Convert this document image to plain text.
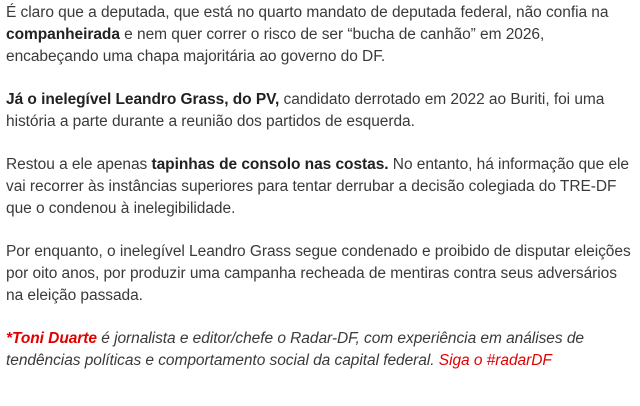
É claro que a deputada, que está no quarto mandato de deputada federal, não confia na companheirada e nem quer correr o risco de ser “bucha de canhão” em 2026, encabeçando uma chapa majoritária ao governo do DF.

Já o inelegível Leandro Grass, do PV, candidato derrotado em 2022 ao Buriti, foi uma história a parte durante a reunião dos partidos de esquerda.

Restou a ele apenas tapinhas de consolo nas costas. No entanto, há informação que ele vai recorrer às instâncias superiores para tentar derrubar a decisão colegiada do TRE-DF que o condenou à inelegibilidade.

Por enquanto, o inelegível Leandro Grass segue condenado e proibido de disputar eleições por oito anos, por produzir uma campanha recheada de mentiras contra seus adversários na eleição passada.

*Toni Duarte é jornalista e editor/chefe o Radar-DF, com experiência em análises de tendências políticas e comportamento social da capital federal. Siga o #radarDF
